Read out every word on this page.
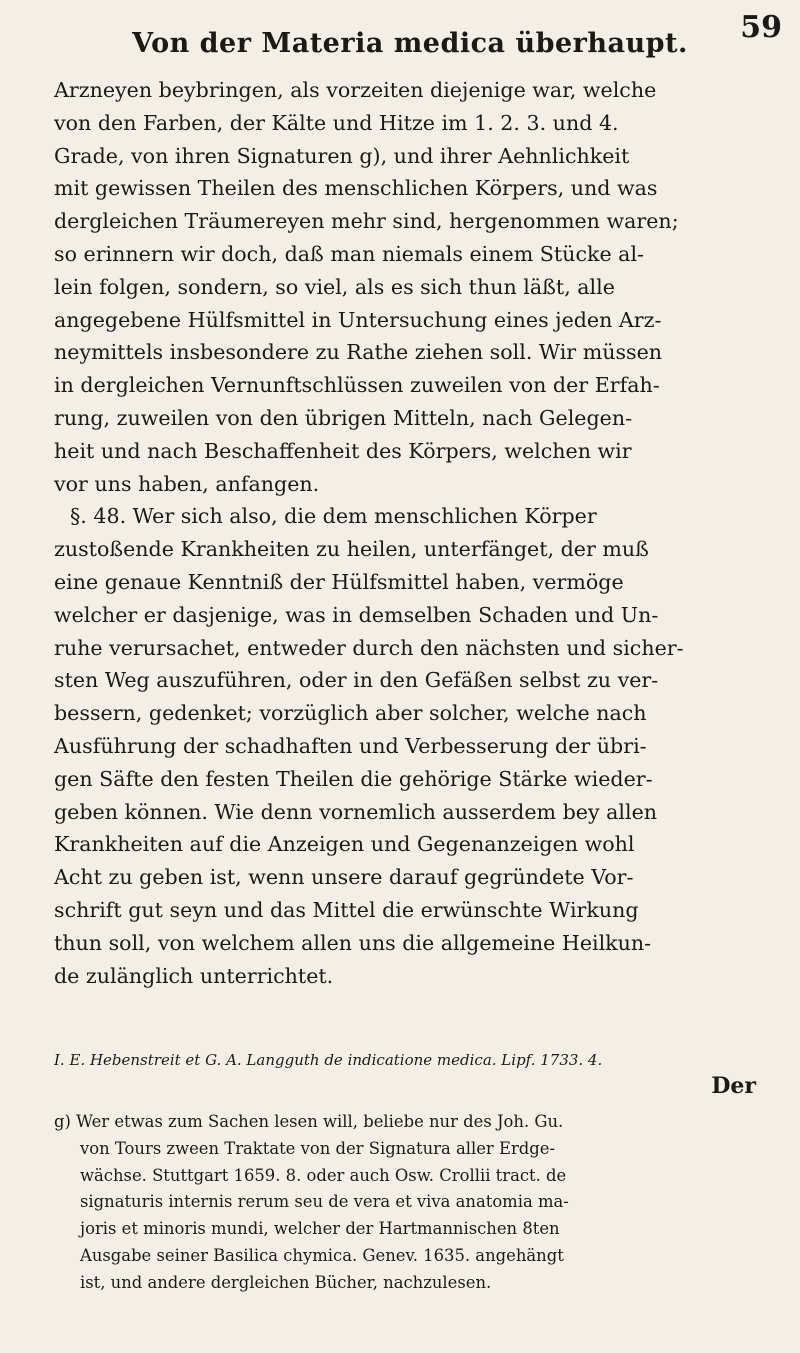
Von der Materia medica überhaupt. 59
Arzneyen beybringen, als vorzeiten diejenige war, welche
von den Farben, der Kälte und Hitze im 1. 2. 3. und 4.
Grade, von ihren Signaturen g), und ihrer Aehnlichkeit
mit gewissen Theilen des menschlichen Körpers, und was
dergleichen Träumereyen mehr sind, hergenommen waren;
so erinnern wir doch, daß man niemals einem Stücke al-
lein folgen, sondern, so viel, als es sich thun läßt, alle
angegebene Hülfsmittel in Untersuchung eines jeden Arz-
neymittels insbesondere zu Rathe ziehen soll. Wir müssen
in dergleichen Vernunftschlüssen zuweilen von der Erfah-
rung, zuweilen von den übrigen Mitteln, nach Gelegen-
heit und nach Beschaffenheit des Körpers, welchen wir
vor uns haben, anfangen.
§. 48. Wer sich also, die dem menschlichen Körper
zustoßende Krankheiten zu heilen, unterfänget, der muß
eine genaue Kenntniß der Hülfsmittel haben, vermöge
welcher er dasjenige, was in demselben Schaden und Un-
ruhe verursachet, entweder durch den nächsten und sicher-
sten Weg auszuführen, oder in den Gefäßen selbst zu ver-
bessern, gedenket; vorzüglich aber solcher, welche nach
Ausführung der schadhaften und Verbesserung der übri-
gen Säfte den festen Theilen die gehörige Stärke wieder-
geben können. Wie denn vornemlich ausserdem bey allen
Krankheiten auf die Anzeigen und Gegenanzeigen wohl
Acht zu geben ist, wenn unsere darauf gegründete Vor-
schrift gut seyn und das Mittel die erwünschte Wirkung
thun soll, von welchem allen uns die allgemeine Heilkun-
de zulänglich unterrichtet.
I. E. Hebenstreit et G. A. Langguth de indicatione medica. Lipf. 1733. 4.
Der
g) Wer etwas zum Sachen lesen will, beliebe nur des Joh. Gu.
von Tours zween Traktate von der Signatura aller Erdge-
wächse. Stuttgart 1659. 8. oder auch Osw. Crollii tract. de
signaturis internis rerum seu de vera et viva anatomia ma-
joris et minoris mundi, welcher der Hartmannischen 8ten
Ausgabe seiner Basilica chymica. Genev. 1635. angehängt
ist, und andere dergleichen Bücher, nachzulesen.
